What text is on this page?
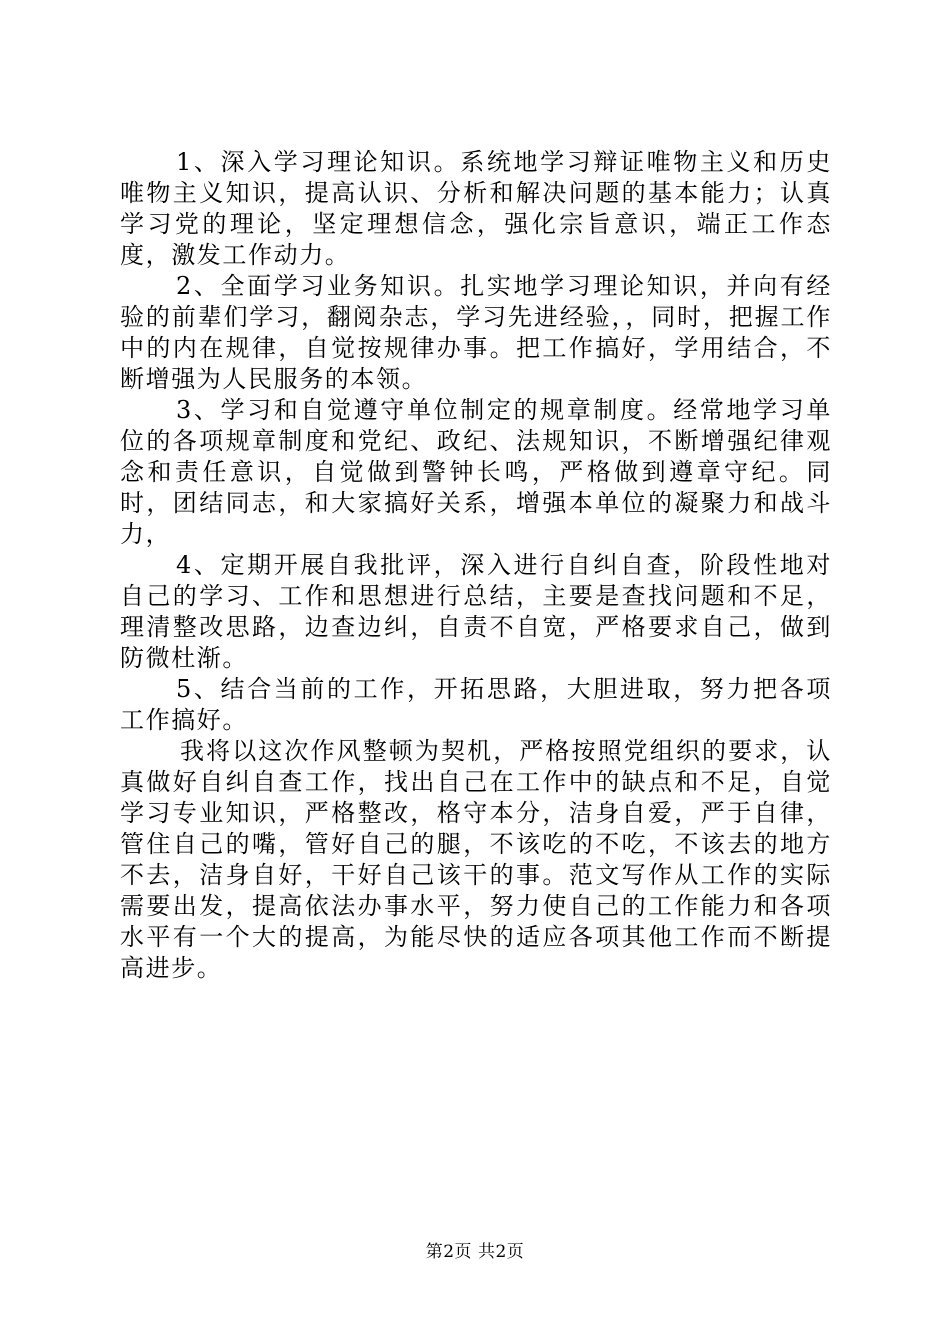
1、深入学习理论知识。系统地学习辩证唯物主义和历史唯物主义知识，提高认识、分析和解决问题的基本能力；认真学习党的理论，坚定理想信念，强化宗旨意识，端正工作态度，激发工作动力。

2、全面学习业务知识。扎实地学习理论知识，并向有经验的前辈们学习，翻阅杂志，学习先进经验，，同时，把握工作中的内在规律，自觉按规律办事。把工作搞好，学用结合，不断增强为人民服务的本领。

3、学习和自觉遵守单位制定的规章制度。经常地学习单位的各项规章制度和党纪、政纪、法规知识，不断增强纪律观念和责任意识，自觉做到警钟长鸣，严格做到遵章守纪。同时，团结同志，和大家搞好关系，增强本单位的凝聚力和战斗力，

4、定期开展自我批评，深入进行自纠自查，阶段性地对自己的学习、工作和思想进行总结，主要是查找问题和不足，理清整改思路，边查边纠，自责不自宽，严格要求自己，做到防微杜渐。

5、结合当前的工作，开拓思路，大胆进取，努力把各项工作搞好。

我将以这次作风整顿为契机，严格按照党组织的要求，认真做好自纠自查工作，找出自己在工作中的缺点和不足，自觉学习专业知识，严格整改，格守本分，洁身自爱，严于自律，管住自己的嘴，管好自己的腿，不该吃的不吃，不该去的地方不去，洁身自好，干好自己该干的事。范文写作从工作的实际需要出发，提高依法办事水平，努力使自己的工作能力和各项水平有一个大的提高，为能尽快的适应各项其他工作而不断提高进步。

第2页 共2页
